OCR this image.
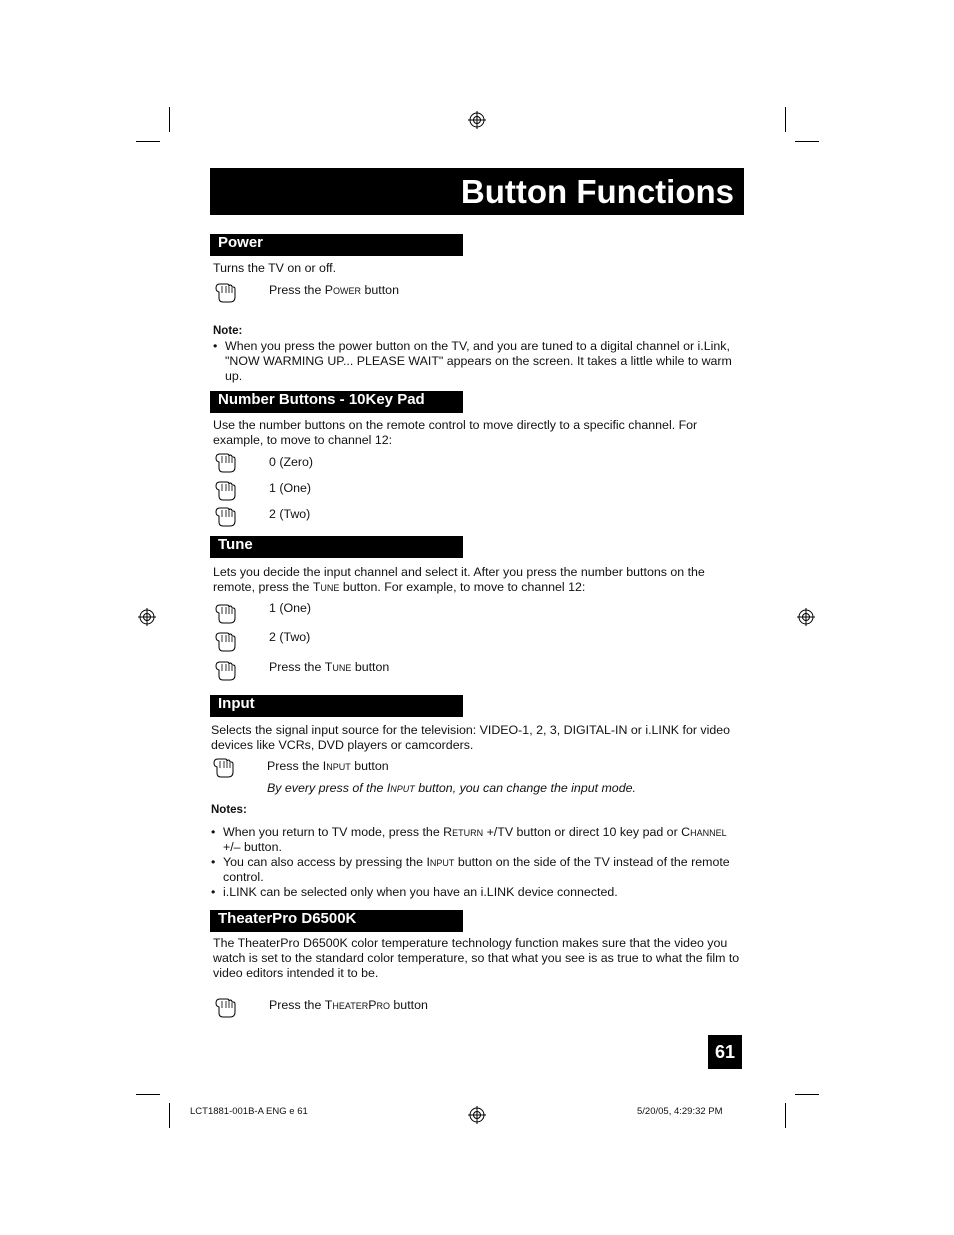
Button Functions
Power
Turns the TV on or off.
Press the Power button
Note:
• When you press the power button on the TV, and you are tuned to a digital channel or i.Link, "NOW WARMING UP... PLEASE WAIT" appears on the screen. It takes a little while to warm up.
Number Buttons - 10Key Pad
Use the number buttons on the remote control to move directly to a specific channel. For example, to move to channel 12:
0 (Zero)
1 (One)
2 (Two)
Tune
Lets you decide the input channel and select it. After you press the number buttons on the remote, press the Tune button. For example, to move to channel 12:
1 (One)
2 (Two)
Press the Tune button
Input
Selects the signal input source for the television: VIDEO-1, 2, 3, DIGITAL-IN or i.LINK for video devices like VCRs, DVD players or camcorders.
Press the Input button
By every press of the Input button, you can change the input mode.
Notes:
• When you return to TV mode, press the Return +/TV button or direct 10 key pad or Channel +/– button.
• You can also access by pressing the Input button on the side of the TV instead of the remote control.
• i.LINK can be selected only when you have an i.LINK device connected.
TheaterPro D6500K
The TheaterPro D6500K color temperature technology function makes sure that the video you watch is set to the standard color temperature, so that what you see is as true to what the film to video editors intended it to be.
Press the TheaterPro button
61
LCT1881-001B-A ENG e 61	5/20/05, 4:29:32 PM
